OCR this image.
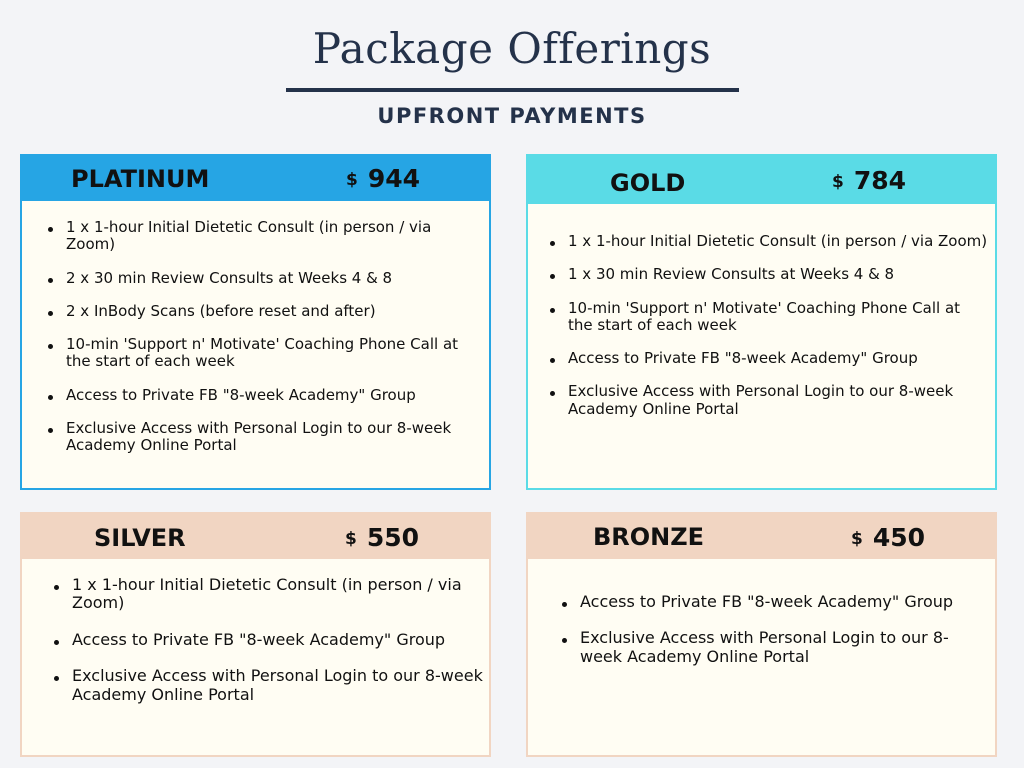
Package Offerings
UPFRONT PAYMENTS
PLATINUM	$ 944
1 x 1-hour Initial Dietetic Consult (in person / via Zoom)
2 x 30 min Review Consults at Weeks 4 & 8
2 x InBody Scans (before reset and after)
10-min 'Support n' Motivate' Coaching Phone Call at the start of each week
Access to Private FB "8-week Academy" Group
Exclusive Access with Personal Login to our 8-week Academy Online Portal
GOLD	$ 784
1 x 1-hour Initial Dietetic Consult (in person / via Zoom)
1 x 30 min Review Consults at Weeks 4 & 8
10-min 'Support n' Motivate' Coaching Phone Call at the start of each week
Access to Private FB "8-week Academy" Group
Exclusive Access with Personal Login to our 8-week Academy Online Portal
SILVER	$ 550
1 x 1-hour Initial Dietetic Consult (in person / via Zoom)
Access to Private FB "8-week Academy" Group
Exclusive Access with Personal Login to our 8-week Academy Online Portal
BRONZE	$ 450
Access to Private FB "8-week Academy" Group
Exclusive Access with Personal Login to our 8-week Academy Online Portal
